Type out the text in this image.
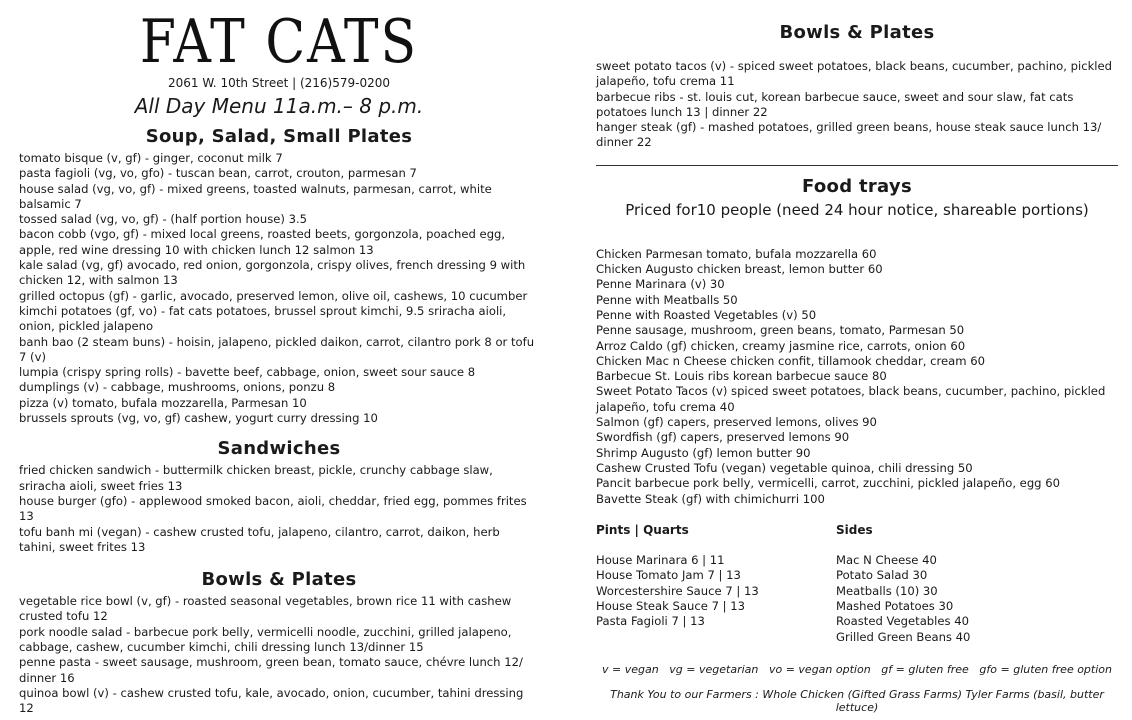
FAT CATS
2061 W. 10th Street | (216)579-0200
All Day Menu 11a.m.– 8 p.m.
Soup, Salad, Small Plates
tomato bisque (v, gf) - ginger, coconut milk 7
pasta fagioli (vg, vo, gfo) - tuscan bean, carrot, crouton, parmesan 7
house salad (vg, vo, gf) - mixed greens, toasted walnuts, parmesan, carrot, white balsamic 7
tossed salad (vg, vo, gf) - (half portion house) 3.5
bacon cobb (vgo, gf) - mixed local greens, roasted beets, gorgonzola, poached egg, apple, red wine dressing 10 with chicken lunch 12 salmon 13
kale salad (vg, gf) avocado, red onion, gorgonzola, crispy olives, french dressing 9 with chicken 12, with salmon 13
grilled octopus (gf) - garlic, avocado, preserved lemon, olive oil, cashews, 10 cucumber
kimchi potatoes (gf, vo) - fat cats potatoes, brussel sprout kimchi, 9.5 sriracha aioli, onion, pickled jalapeno
banh bao (2 steam buns) - hoisin, jalapeno, pickled daikon, carrot, cilantro pork 8 or tofu 7 (v)
lumpia (crispy spring rolls) - bavette beef, cabbage, onion, sweet sour sauce 8
dumplings (v) - cabbage, mushrooms, onions, ponzu 8
pizza (v) tomato, bufala mozzarella, Parmesan 10
brussels sprouts (vg, vo, gf) cashew, yogurt curry dressing 10
Sandwiches
fried chicken sandwich - buttermilk chicken breast, pickle, crunchy cabbage slaw, sriracha aioli, sweet fries 13
house burger (gfo) - applewood smoked bacon, aioli, cheddar, fried egg, pommes frites 13
tofu banh mi (vegan) - cashew crusted tofu, jalapeno, cilantro, carrot, daikon, herb tahini, sweet frites 13
Bowls & Plates
vegetable rice bowl (v, gf) - roasted seasonal vegetables, brown rice 11 with cashew crusted tofu 12
pork noodle salad - barbecue pork belly, vermicelli noodle, zucchini, grilled jalapeno, cabbage, cashew, cucumber kimchi, chili dressing lunch 13/dinner 15
penne pasta - sweet sausage, mushroom, green bean, tomato sauce, chévre lunch 12/ dinner 16
quinoa bowl (v) - cashew crusted tofu, kale, avocado, onion, cucumber, tahini dressing 12
Bowls & Plates
sweet potato tacos (v) - spiced sweet potatoes, black beans, cucumber, pachino, pickled jalapeño, tofu crema 11
barbecue ribs - st. louis cut, korean barbecue sauce, sweet and sour slaw, fat cats potatoes lunch 13 | dinner 22
hanger steak (gf) - mashed potatoes, grilled green beans, house steak sauce lunch 13/ dinner 22
Food trays
Priced for10 people (need 24 hour notice, shareable portions)
Chicken Parmesan tomato, bufala mozzarella 60
Chicken Augusto chicken breast, lemon butter 60
Penne Marinara (v) 30
Penne with Meatballs 50
Penne with Roasted Vegetables (v) 50
Penne sausage, mushroom, green beans, tomato, Parmesan 50
Arroz Caldo (gf) chicken, creamy jasmine rice, carrots, onion 60
Chicken Mac n Cheese chicken confit, tillamook cheddar, cream 60
Barbecue St. Louis ribs korean barbecue sauce 80
Sweet Potato Tacos (v) spiced sweet potatoes, black beans, cucumber, pachino, pickled jalapeño, tofu crema 40
Salmon (gf) capers, preserved lemons, olives 90
Swordfish (gf) capers, preserved lemons 90
Shrimp Augusto (gf) lemon butter 90
Cashew Crusted Tofu (vegan) vegetable quinoa, chili dressing 50
Pancit barbecue pork belly, vermicelli, carrot, zucchini, pickled jalapeño, egg 60
Bavette Steak (gf) with chimichurri 100
Pints | Quarts
House Marinara 6 | 11
House Tomato Jam 7 | 13
Worcestershire Sauce 7 | 13
House Steak Sauce 7 | 13
Pasta Fagioli 7 | 13
Sides
Mac N Cheese 40
Potato Salad 30
Meatballs (10) 30
Mashed Potatoes 30
Roasted Vegetables 40
Grilled Green Beans 40
v = vegan vg = vegetarian vo = vegan option gf = gluten free gfo = gluten free option
Thank You to our Farmers : Whole Chicken (Gifted Grass Farms) Tyler Farms (basil, butter lettuce)
